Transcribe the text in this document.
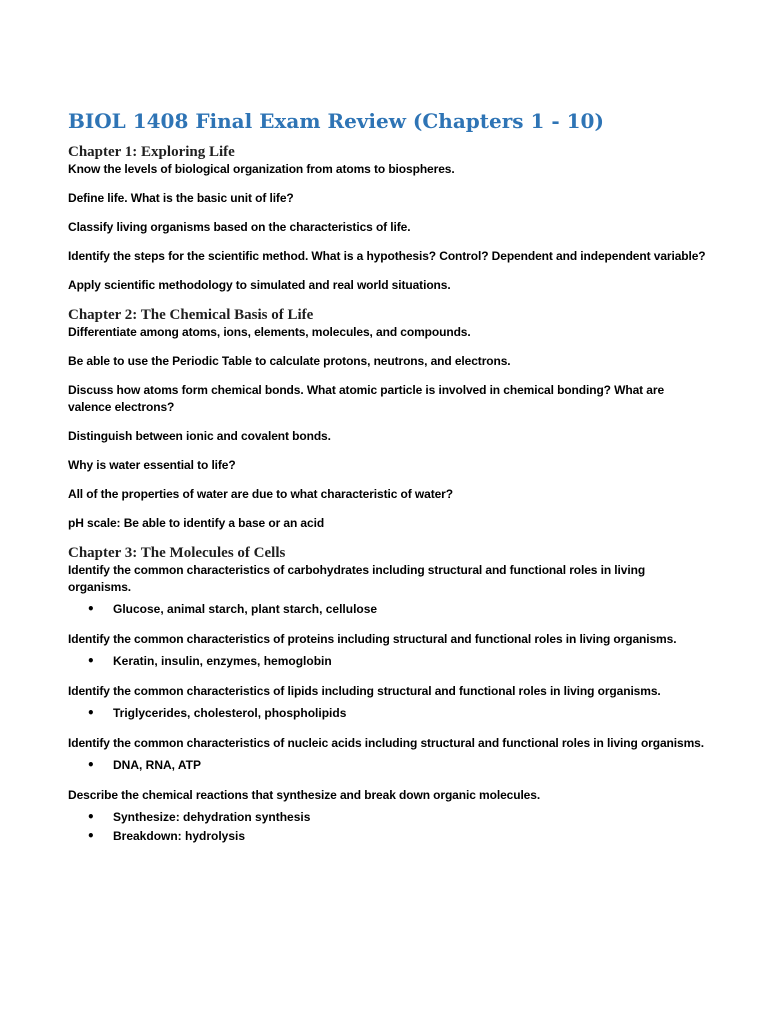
BIOL 1408 Final Exam Review (Chapters 1 - 10)
Chapter 1: Exploring Life

Know the levels of biological organization from atoms to biospheres.

Define life. What is the basic unit of life?

Classify living organisms based on the characteristics of life.

Identify the steps for the scientific method. What is a hypothesis? Control? Dependent and independent variable?

Apply scientific methodology to simulated and real world situations.

Chapter 2: The Chemical Basis of Life

Differentiate among atoms, ions, elements, molecules, and compounds.

Be able to use the Periodic Table to calculate protons, neutrons, and electrons.

Discuss how atoms form chemical bonds. What atomic particle is involved in chemical bonding? What are valence electrons?

Distinguish between ionic and covalent bonds.

Why is water essential to life?

All of the properties of water are due to what characteristic of water?

pH scale: Be able to identify a base or an acid

Chapter 3: The Molecules of Cells

Identify the common characteristics of carbohydrates including structural and functional roles in living organisms.

• Glucose, animal starch, plant starch, cellulose

Identify the common characteristics of proteins including structural and functional roles in living organisms.

• Keratin, insulin, enzymes, hemoglobin

Identify the common characteristics of lipids including structural and functional roles in living organisms.

• Triglycerides, cholesterol, phospholipids

Identify the common characteristics of nucleic acids including structural and functional roles in living organisms.

• DNA, RNA, ATP

Describe the chemical reactions that synthesize and break down organic molecules.

• Synthesize: dehydration synthesis
• Breakdown: hydrolysis
